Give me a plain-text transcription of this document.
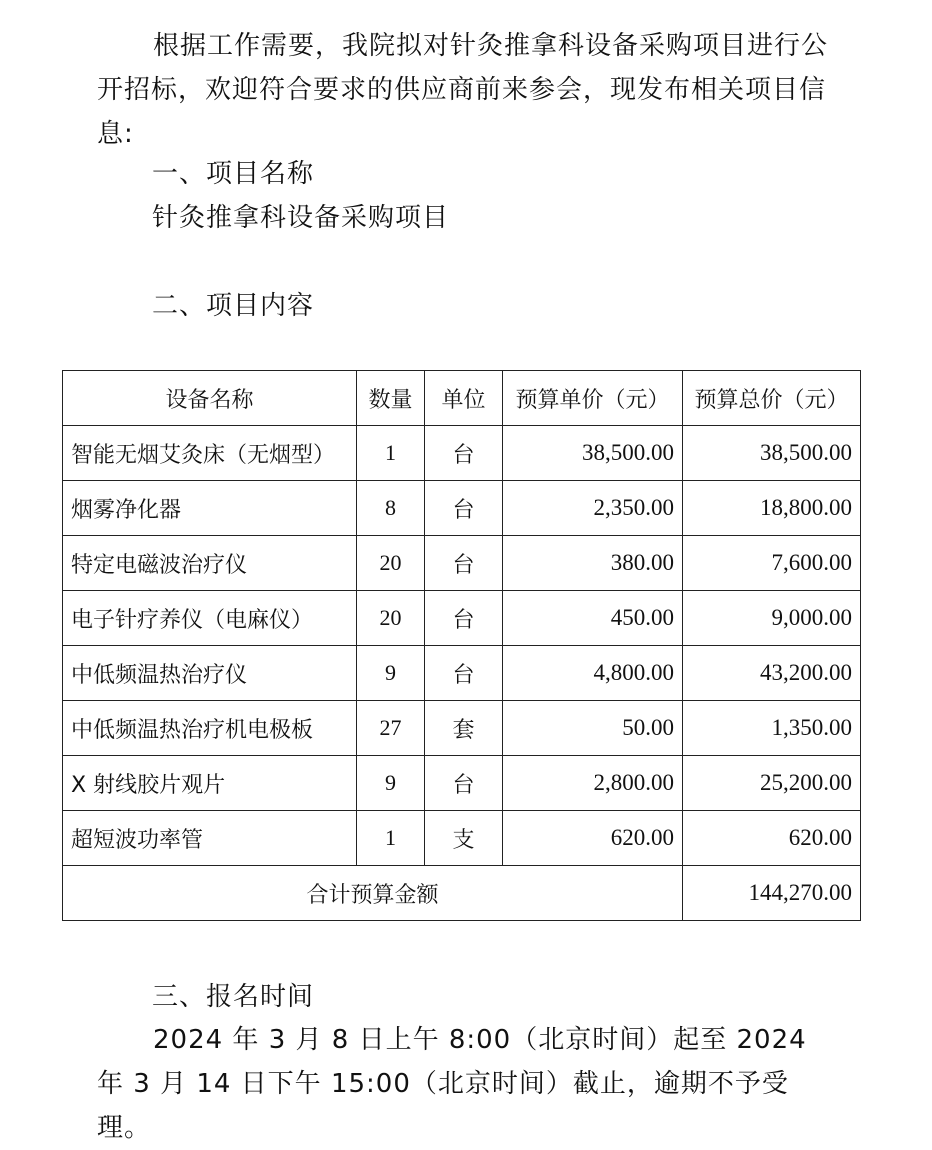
根据工作需要，我院拟对针灸推拿科设备采购项目进行公开招标，欢迎符合要求的供应商前来参会，现发布相关项目信息:
一、项目名称
针灸推拿科设备采购项目
二、项目内容
设备名称	数量	单位	预算单价（元）	预算总价（元）
智能无烟艾灸床（无烟型）	1	台	38,500.00	38,500.00
烟雾净化器	8	台	2,350.00	18,800.00
特定电磁波治疗仪	20	台	380.00	7,600.00
电子针疗养仪（电麻仪）	20	台	450.00	9,000.00
中低频温热治疗仪	9	台	4,800.00	43,200.00
中低频温热治疗机电极板	27	套	50.00	1,350.00
X 射线胶片观片	9	台	2,800.00	25,200.00
超短波功率管	1	支	620.00	620.00
合计预算金额				144,270.00
三、报名时间
2024 年 3 月 8 日上午 8:00（北京时间）起至 2024 年 3 月 14 日下午 15:00（北京时间）截止，逾期不予受理。
